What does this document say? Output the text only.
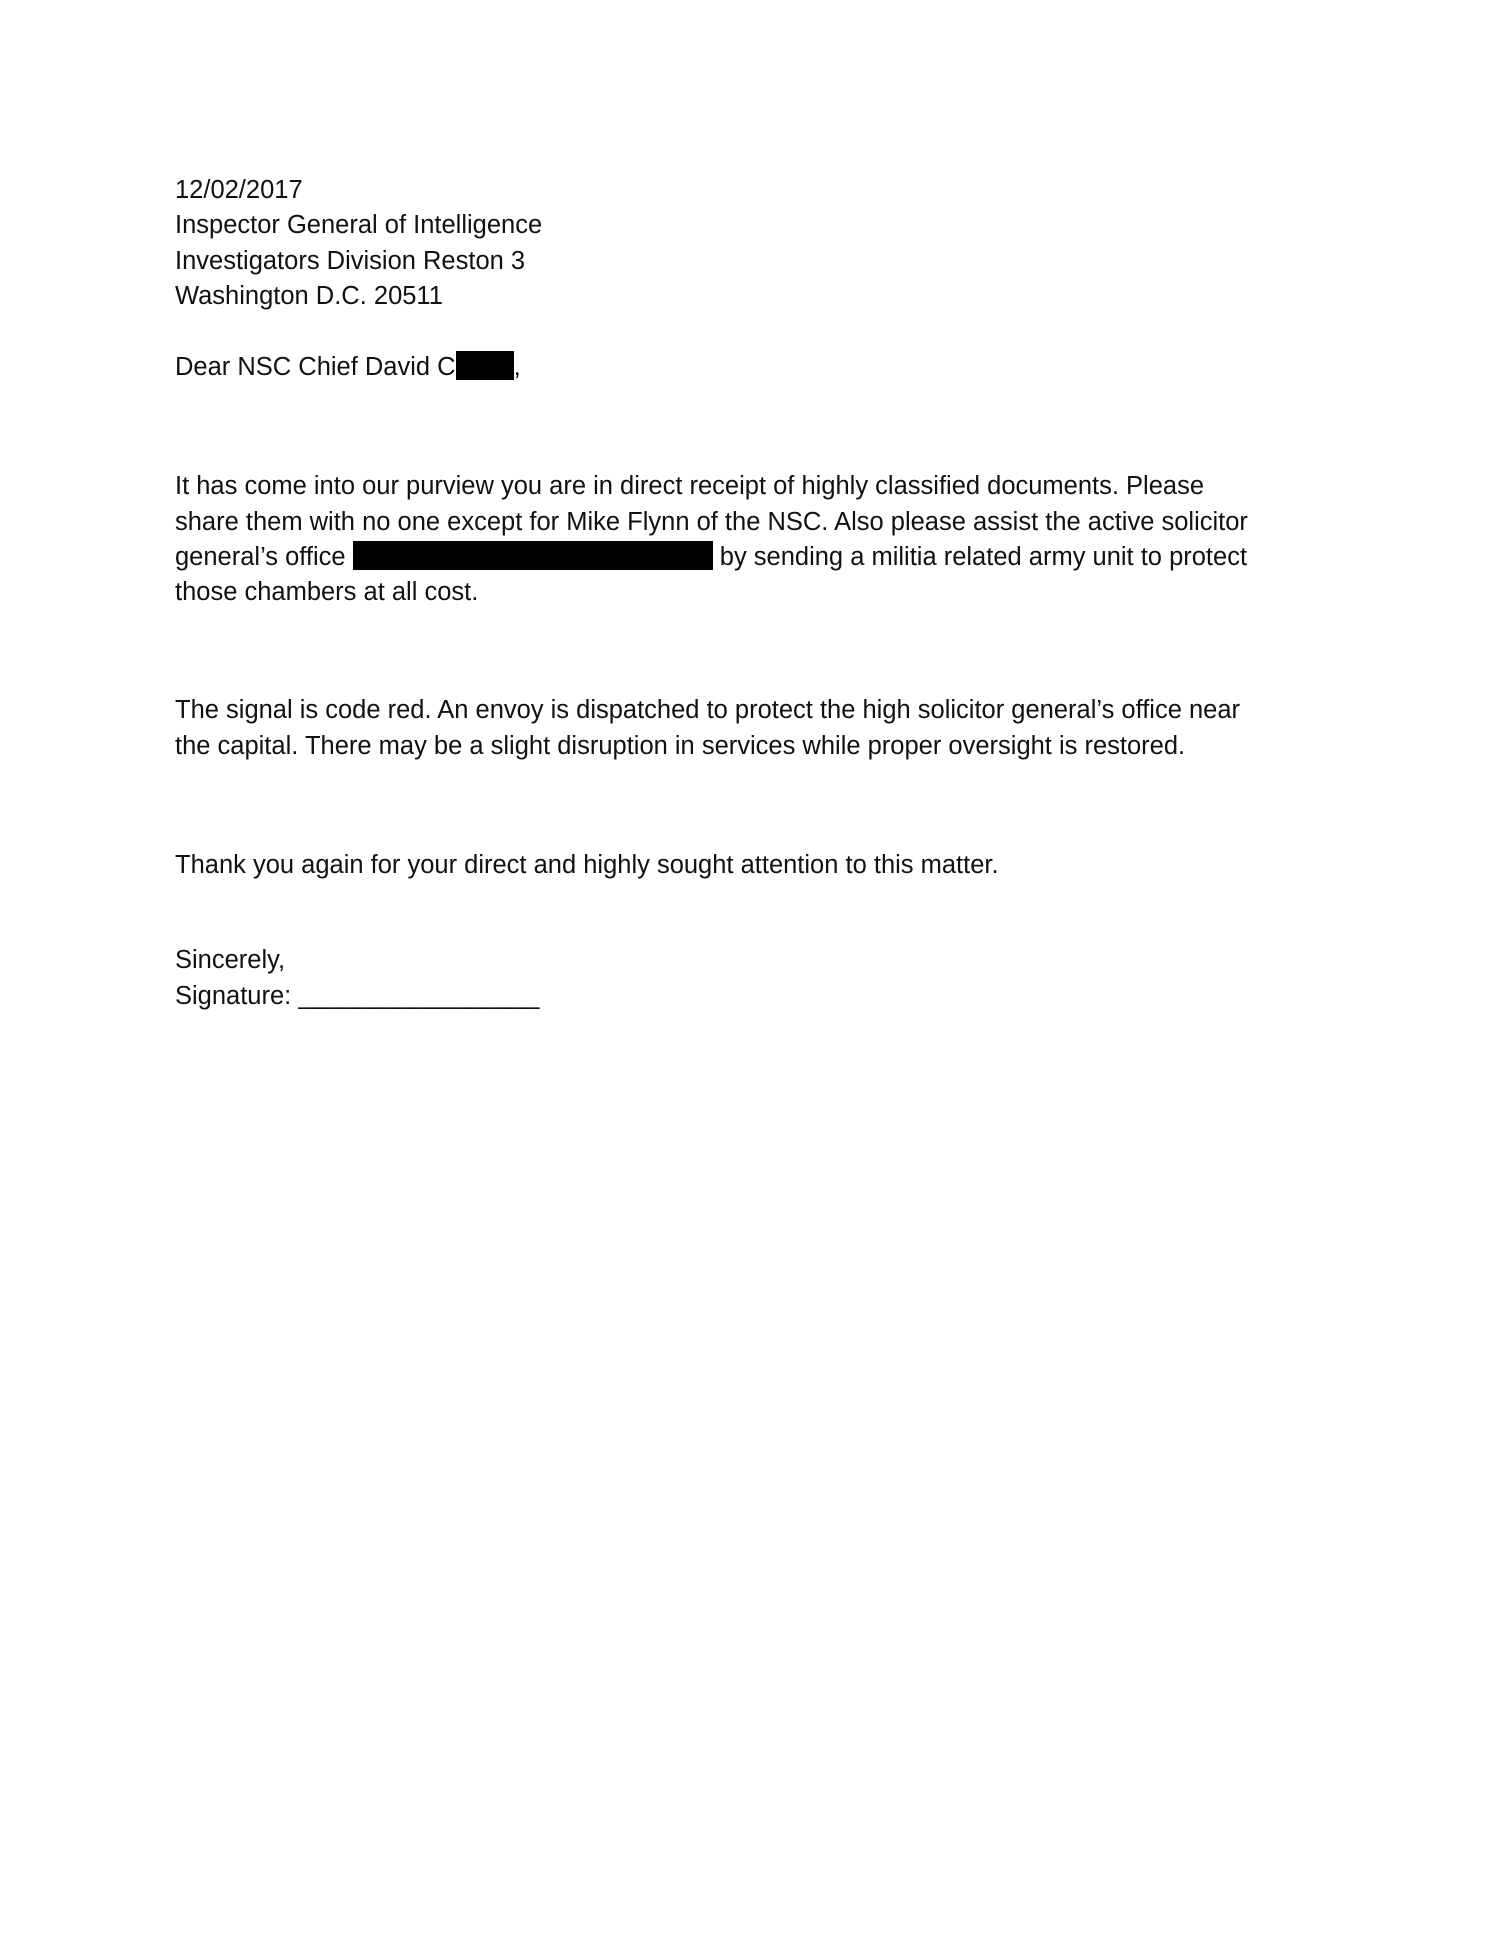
12/02/2017
Inspector General of Intelligence
Investigators Division Reston 3
Washington D.C. 20511
Dear NSC Chief David C ,
It has come into our purview you are in direct receipt of highly classified documents. Please
share them with no one except for Mike Flynn of the NSC. Also please assist the active solicitor
general’s office	by sending a militia related army unit to protect
those chambers at all cost.
The signal is code red. An envoy is dispatched to protect the high solicitor general’s office near
the capital. There may be a slight disruption in services while proper oversight is restored.
Thank you again for your direct and highly sought attention to this matter.
Sincerely,
Signature: _________________
